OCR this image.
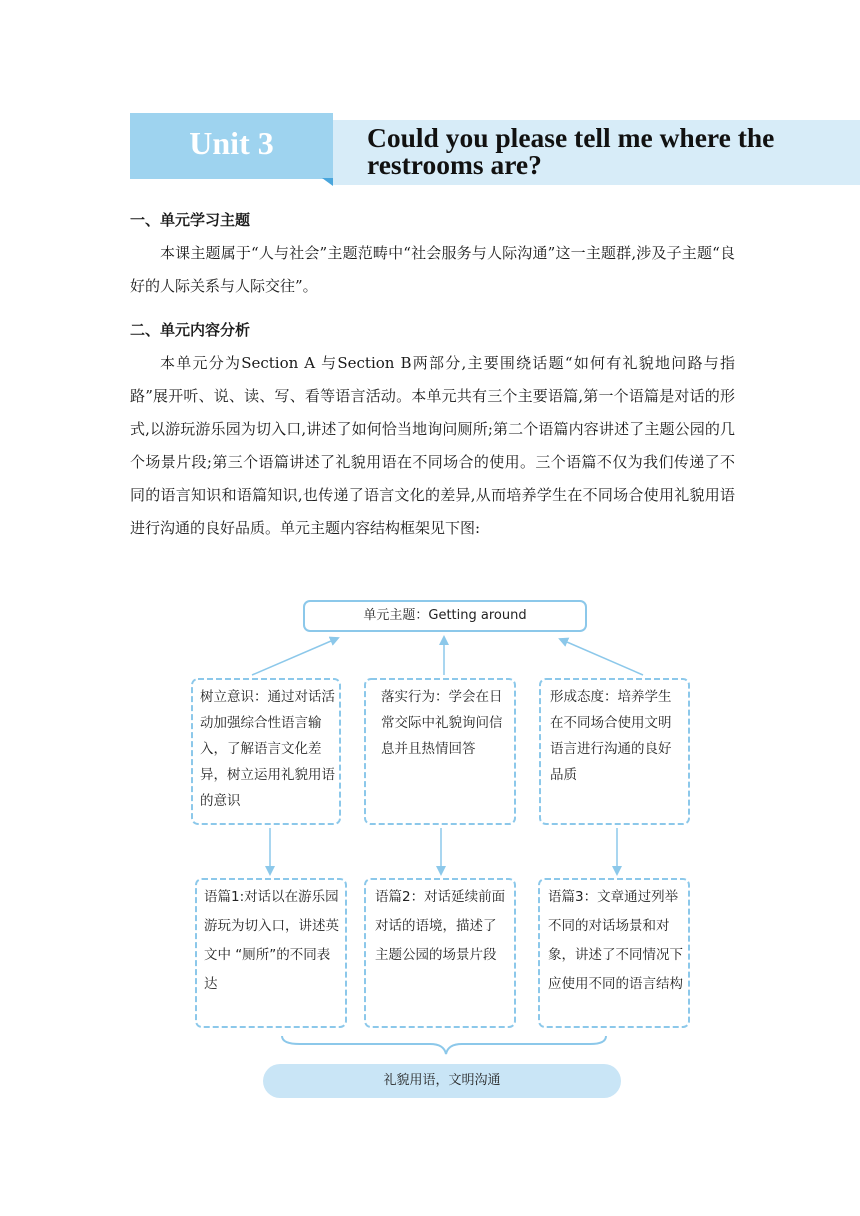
Unit 3	Could you please tell me where the restrooms are?
一、单元学习主题
本课主题属于“人与社会”主题范畴中“社会服务与人际沟通”这一主题群,涉及子主题“良好的人际关系与人际交往”。
二、单元内容分析
本单元分为Section A 与Section B两部分,主要围绕话题“如何有礼貌地问路与指路”展开听、说、读、写、看等语言活动。本单元共有三个主要语篇,第一个语篇是对话的形式,以游玩游乐园为切入口,讲述了如何恰当地询问厕所;第二个语篇内容讲述了主题公园的几个场景片段;第三个语篇讲述了礼貌用语在不同场合的使用。三个语篇不仅为我们传递了不同的语言知识和语篇知识,也传递了语言文化的差异,从而培养学生在不同场合使用礼貌用语进行沟通的良好品质。单元主题内容结构框架见下图:
单元主题：Getting around
树立意识：通过对话活动加强综合性语言输入，了解语言文化差异，树立运用礼貌用语的意识
落实行为：学会在日常交际中礼貌询问信息并且热情回答
形成态度：培养学生在不同场合使用文明语言进行沟通的良好品质
语篇1:对话以在游乐园游玩为切入口，讲述英文中 “厕所”的不同表达
语篇2：对话延续前面对话的语境，描述了主题公园的场景片段
语篇3：文章通过列举不同的对话场景和对象，讲述了不同情况下应使用不同的语言结构
礼貌用语，文明沟通
